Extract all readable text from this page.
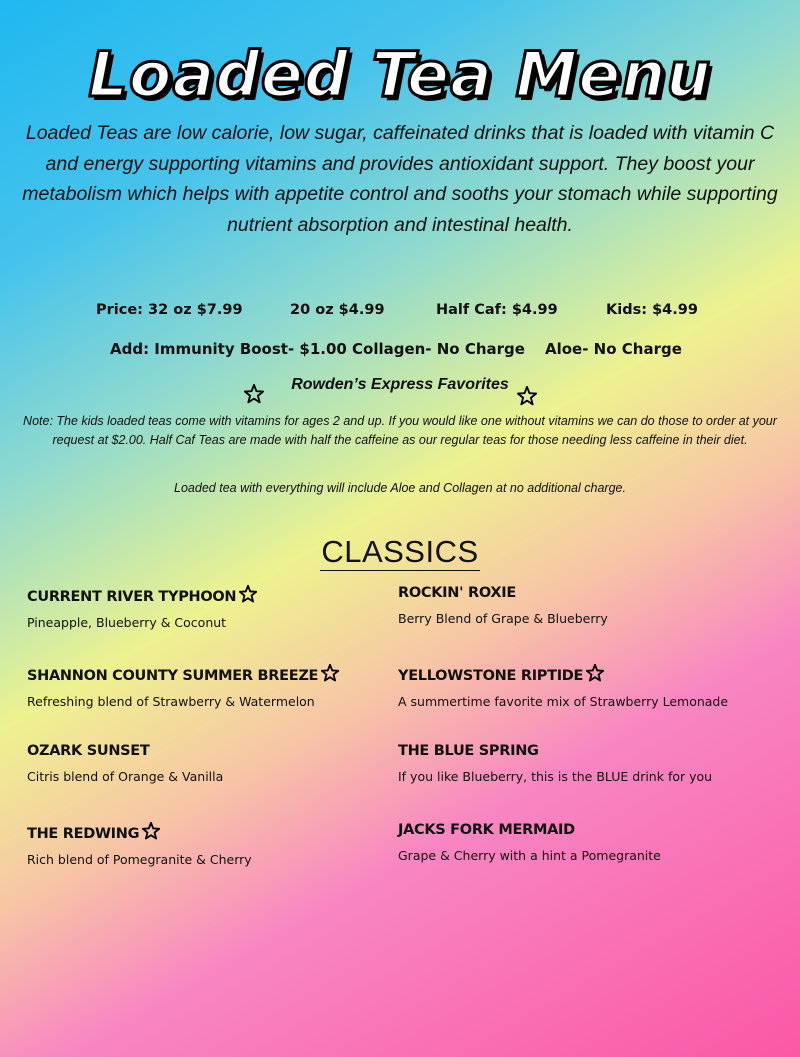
Loaded Tea Menu
Loaded Teas are low calorie, low sugar, caffeinated drinks that is loaded with vitamin C and energy supporting vitamins and provides antioxidant support. They boost your metabolism which helps with appetite control and sooths your stomach while supporting nutrient absorption and intestinal health.
Price: 32 oz $7.99	20 oz $4.99	Half Caf: $4.99	Kids: $4.99
Add: Immunity Boost- $1.00 Collagen- No Charge Aloe- No Charge
Rowden’s Express Favorites
Note: The kids loaded teas come with vitamins for ages 2 and up. If you would like one without vitamins we can do those to order at your request at $2.00. Half Caf Teas are made with half the caffeine as our regular teas for those needing less caffeine in their diet.
Loaded tea with everything will include Aloe and Collagen at no additional charge.
CLASSICS
CURRENT RIVER TYPHOON
Pineapple, Blueberry & Coconut
ROCKIN' ROXIE
Berry Blend of Grape & Blueberry
SHANNON COUNTY SUMMER BREEZE
Refreshing blend of Strawberry & Watermelon
YELLOWSTONE RIPTIDE
A summertime favorite mix of Strawberry Lemonade
OZARK SUNSET
Citris blend of Orange & Vanilla
THE BLUE SPRING
If you like Blueberry, this is the BLUE drink for you
THE REDWING
Rich blend of Pomegranite & Cherry
JACKS FORK MERMAID
Grape & Cherry with a hint a Pomegranite
